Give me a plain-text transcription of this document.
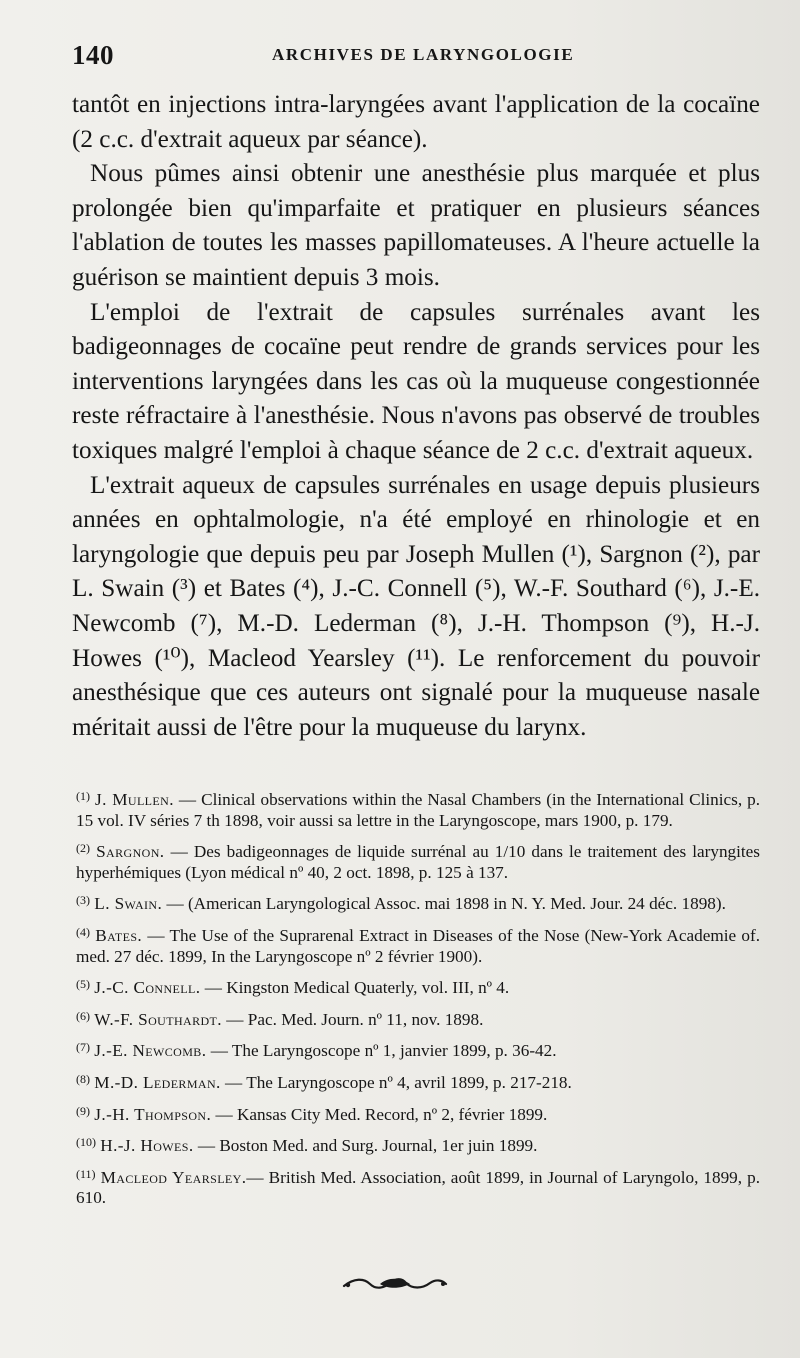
140	ARCHIVES DE LARYNGOLOGIE

tantôt en injections intra-laryngées avant l'application de la cocaïne (2 c.c. d'extrait aqueux par séance).

Nous pûmes ainsi obtenir une anesthésie plus marquée et plus prolongée bien qu'imparfaite et pratiquer en plusieurs séances l'ablation de toutes les masses papillomateuses. A l'heure actuelle la guérison se maintient depuis 3 mois.

L'emploi de l'extrait de capsules surrénales avant les badigeonnages de cocaïne peut rendre de grands services pour les interventions laryngées dans les cas où la muqueuse congestionnée reste réfractaire à l'anesthésie. Nous n'avons pas observé de troubles toxiques malgré l'emploi à chaque séance de 2 c.c. d'extrait aqueux.

L'extrait aqueux de capsules surrénales en usage depuis plusieurs années en ophtalmologie, n'a été employé en rhinologie et en laryngologie que depuis peu par Joseph Mullen (¹), Sargnon (²), par L. Swain (³) et Bates (⁴), J.-C. Connell (⁵), W.-F. Southard (⁶), J.-E. Newcomb (⁷), M.-D. Lederman (⁸), J.-H. Thompson (⁹), H.-J. Howes (¹⁰), Macleod Yearsley (¹¹). Le renforcement du pouvoir anesthésique que ces auteurs ont signalé pour la muqueuse nasale méritait aussi de l'être pour la muqueuse du larynx.

$^{(1)}$ J. Mullen. — Clinical observations within the Nasal Chambers (in the International Clinics, p. 15 vol. IV séries 7 th 1898, voir aussi sa lettre in the Laryngoscope, mars 1900, p. 179.

$^{(2)}$ Sargnon. — Des badigeonnages de liquide surrénal au 1/10 dans le traitement des laryngites hyperhémiques (Lyon médical nº 40, 2 oct. 1898, p. 125 à 137.

$^{(3)}$ L. Swain. — (American Laryngological Assoc. mai 1898 in N. Y. Med. Jour. 24 déc. 1898).

$^{(4)}$ Bates. — The Use of the Suprarenal Extract in Diseases of the Nose (New-York Academie of. med. 27 déc. 1899, In the Laryngoscope nº 2 février 1900).

$^{(5)}$ J.-C. Connell. — Kingston Medical Quaterly, vol. III, nº 4.

$^{(6)}$ W.-F. Southardt. — Pac. Med. Journ. nº 11, nov. 1898.

$^{(7)}$ J.-E. Newcomb. — The Laryngoscope nº 1, janvier 1899, p. 36-42.

$^{(8)}$ M.-D. Lederman. — The Laryngoscope nº 4, avril 1899, p. 217-218.

$^{(9)}$ J.-H. Thompson. — Kansas City Med. Record, nº 2, février 1899.

$^{(10)}$ H.-J. Howes. — Boston Med. and Surg. Journal, 1er juin 1899.

$^{(11)}$ Macleod Yearsley.— British Med. Association, août 1899, in Journal of Laryngolo, 1899, p. 610.
